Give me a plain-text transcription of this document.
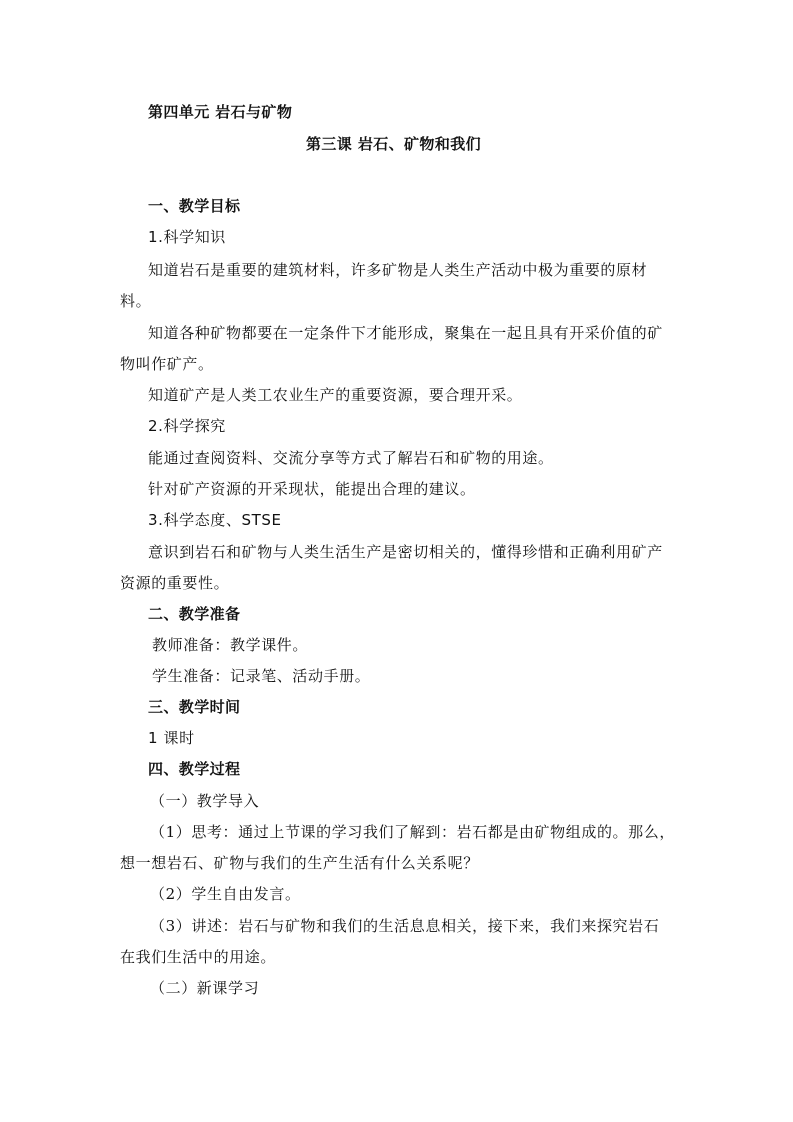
第四单元 岩石与矿物
第三课 岩石、矿物和我们
一、教学目标
1.科学知识
知道岩石是重要的建筑材料，许多矿物是人类生产活动中极为重要的原材
料。
知道各种矿物都要在一定条件下才能形成，聚集在一起且具有开采价值的矿
物叫作矿产。
知道矿产是人类工农业生产的重要资源，要合理开采。
2.科学探究
能通过查阅资料、交流分享等方式了解岩石和矿物的用途。
针对矿产资源的开采现状，能提出合理的建议。
3.科学态度、STSE
意识到岩石和矿物与人类生活生产是密切相关的，懂得珍惜和正确利用矿产
资源的重要性。
二、教学准备
教师准备：教学课件。
学生准备：记录笔、活动手册。
三、教学时间
1 课时
四、教学过程
（一）教学导入
（1）思考：通过上节课的学习我们了解到：岩石都是由矿物组成的。那么，
想一想岩石、矿物与我们的生产生活有什么关系呢？
（2）学生自由发言。
（3）讲述：岩石与矿物和我们的生活息息相关，接下来，我们来探究岩石
在我们生活中的用途。
（二）新课学习
